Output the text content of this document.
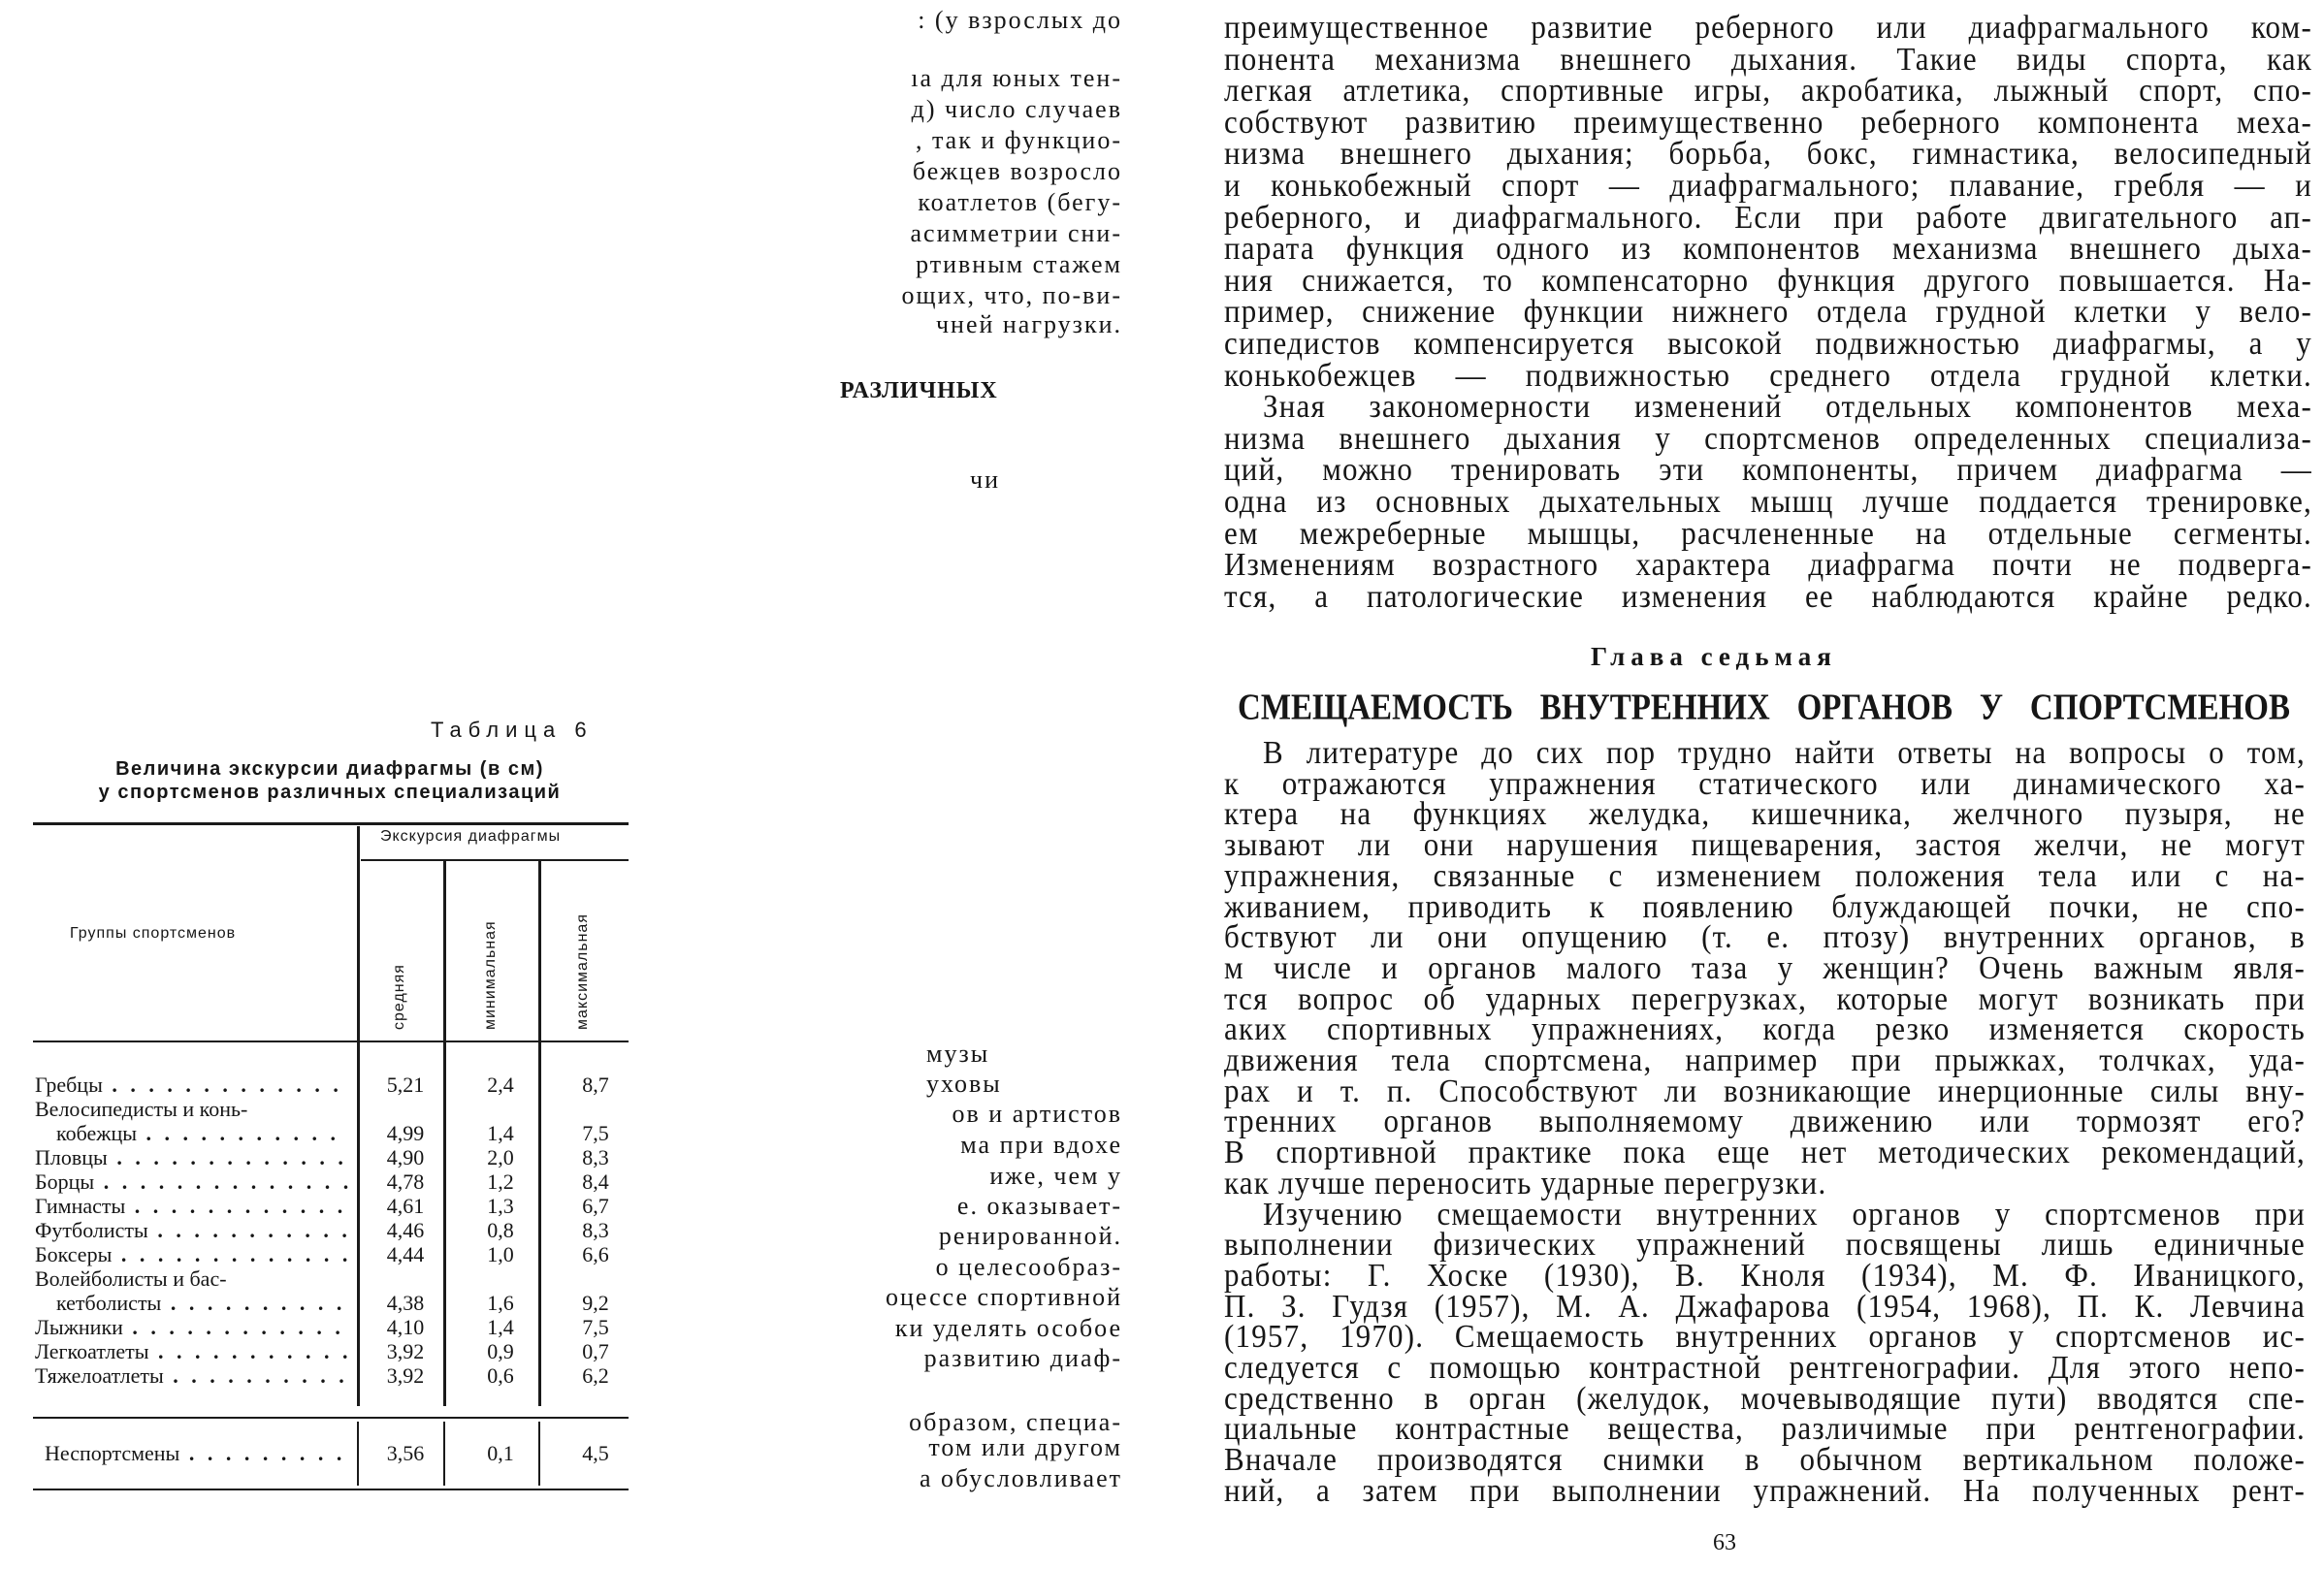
Таблица 6
Величина экскурсии диафрагмы (в см)
у спортсменов различных специализаций
Экскурсия диафрагмы
Группы спортсменов
средняя	минимальная	максимальная
Гребцы . . .	5,21	2,4	8,7
Велосипедисты и конь-
кобежцы . . .	4,99	1,4	7,5
Пловцы . . .	4,90	2,0	8,3
Борцы . . .	4,78	1,2	8,4
Гимнасты . . .	4,61	1,3	6,7
Футболисты . . .	4,46	0,8	8,3
Боксеры . . .	4,44	1,0	6,6
Волейболисты и бас-
кетболисты . . .	4,38	1,6	9,2
Лыжники . . .	4,10	1,4	7,5
Легкоатлеты . . .	3,92	0,9	0,7
Тяжелоатлеты . . .	3,92	0,6	6,2
Неспортсмены . . .	3,56	0,1	4,5
: (у взрослых до
ıа для юных тен-
д) число случаев
, так и функцио-
бежцев возросло
коатлетов (бегу-
асимметрии сни-
ртивным стажем
ощих, что, по-ви-
чней нагрузки.
РАЗЛИЧНЫХ
чи
музы
уховы
ов и артистов
ма при вдохе
иже, чем у
е. оказывает-
ренированной.
о целесообраз-
оцессе спортивной
ки уделять особое
развитию диаф-
образом, специа-
том или другом
а обусловливает
Глава седьмая
СМЕЩАЕМОСТЬ ВНУТРЕННИХ ОРГАНОВ У СПОРТСМЕНОВ
63
преимущественное развитие реберного или диафрагмального ком-
понента механизма внешнего дыхания. Такие виды спорта, как
легкая атлетика, спортивные игры, акробатика, лыжный спорт, спо-
собствуют развитию преимущественно реберного компонента меха-
низма внешнего дыхания; борьба, бокс, гимнастика, велосипедный
и конькобежный спорт — диафрагмального; плавание, гребля — и
реберного, и диафрагмального. Если при работе двигательного ап-
парата функция одного из компонентов механизма внешнего дыха-
ния снижается, то компенсаторно функция другого повышается. На-
пример, снижение функции нижнего отдела грудной клетки у вело-
сипедистов компенсируется высокой подвижностью диафрагмы, а у
конькобежцев — подвижностью среднего отдела грудной клетки.
Зная закономерности изменений отдельных компонентов меха-
низма внешнего дыхания у спортсменов определенных специализа-
ций, можно тренировать эти компоненты, причем диафрагма —
одна из основных дыхательных мышц лучше поддается тренировке,
ем межреберные мышцы, расчлененные на отдельные сегменты.
Изменениям возрастного характера диафрагма почти не подверга-
тся, а патологические изменения ее наблюдаются крайне редко.
В литературе до сих пор трудно найти ответы на вопросы о том,
к отражаются упражнения статического или динамического ха-
ктера на функциях желудка, кишечника, желчного пузыря, не
зывают ли они нарушения пищеварения, застоя желчи, не могут
упражнения, связанные с изменением положения тела или с на-
живанием, приводить к появлению блуждающей почки, не спо-
бствуют ли они опущению (т. е. птозу) внутренних органов, в
м числе и органов малого таза у женщин? Очень важным явля-
тся вопрос об ударных перегрузках, которые могут возникать при
аких спортивных упражнениях, когда резко изменяется скорость
движения тела спортсмена, например при прыжках, толчках, уда-
рах и т. п. Способствуют ли возникающие инерционные силы вну-
тренних органов выполняемому движению или тормозят его?
В спортивной практике пока еще нет методических рекомендаций,
как лучше переносить ударные перегрузки.
Изучению смещаемости внутренних органов у спортсменов при
выполнении физических упражнений посвящены лишь единичные
работы: Г. Хоске (1930), В. Кноля (1934), М. Ф. Иваницкого,
П. З. Гудзя (1957), М. А. Джафарова (1954, 1968), П. К. Левчина
(1957, 1970). Смещаемость внутренних органов у спортсменов ис-
следуется с помощью контрастной рентгенографии. Для этого непо-
средственно в орган (желудок, мочевыводящие пути) вводятся спе-
циальные контрастные вещества, различимые при рентгенографии.
Вначале производятся снимки в обычном вертикальном положе-
ний, а затем при выполнении упражнений. На полученных рент-
